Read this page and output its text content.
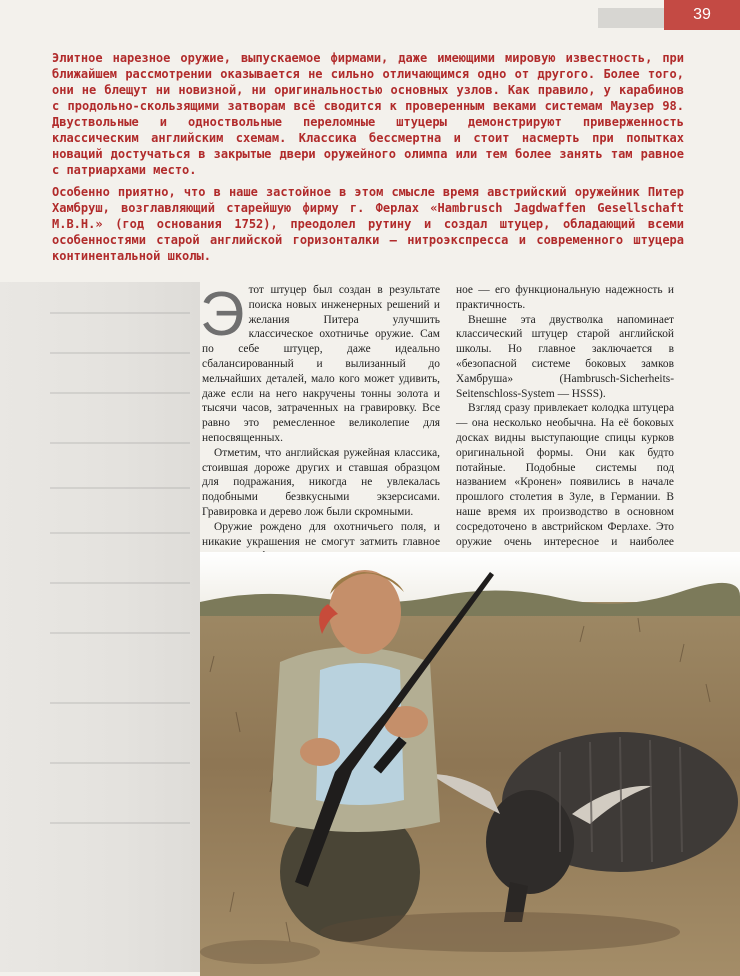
39

Элитное нарезное оружие, выпускаемое фирмами, даже имеющими мировую известность, при ближайшем рассмотрении оказывается не сильно отличающимся одно от другого. Более того, они не блещут ни новизной, ни оригинальностью основных узлов. Как правило, у карабинов с продольно-скользящими затворам всё сводится к проверенным веками системам Маузер 98. Двуствольные и одноствольные переломные штуцеры демонстрируют приверженность классическим английским схемам. Классика бессмертна и стоит насмерть при попытках новаций достучаться в закрытые двери оружейного олимпа или тем более занять там равное с патриархами место.

Особенно приятно, что в наше застойное в этом смысле время австрийский оружейник Питер Хамбруш, возглавляющий старейшую фирму г. Ферлах «Hambrusch Jagdwaffen Gesellschaft M.B.H.» (год основания 1752), преодолел рутину и создал штуцер, обладающий всеми особенностями старой английской горизонталки — нитроэкспресса и современного штуцера континентальной школы.

Этот штуцер был создан в результате поиска новых инженерных решений и желания Питера улучшить классическое охотничье оружие. Сам по себе штуцер, даже идеально сбалансированный и вылизанный до мельчайших деталей, мало кого может удивить, даже если на него накручены тонны золота и тысячи часов, затраченных на гравировку. Все равно это ремесленное великолепие для непосвященных.

Отметим, что английская ружейная классика, стоившая дороже других и ставшая образцом для подражания, никогда не увлекалась подобными безвкусными экзерсисами. Гравировка и дерево лож были скромными.

Оружие рождено для охотничьего поля, и никакие украшения не смогут затмить главное

ное — его функциональную надежность и практичность.

Внешне эта двустволка напоминает классический штуцер старой английской школы. Но главное заключается в «безопасной системе боковых замков Хамбруша» (Hambrusch-Sicherheits-Seitenschloss-System — HSSS).

Взгляд сразу привлекает колодка штуцера — она несколько необычна. На её боковых досках видны выступающие спицы курков оригинальной формы. Они как будто потайные. Подобные системы под названием «Кронен» появились в начале прошлого столетия в Зуле, в Германии. В наше время их производство в основном сосредоточено в австрийском Ферлахе. Это оружие очень интересное и наиболее
